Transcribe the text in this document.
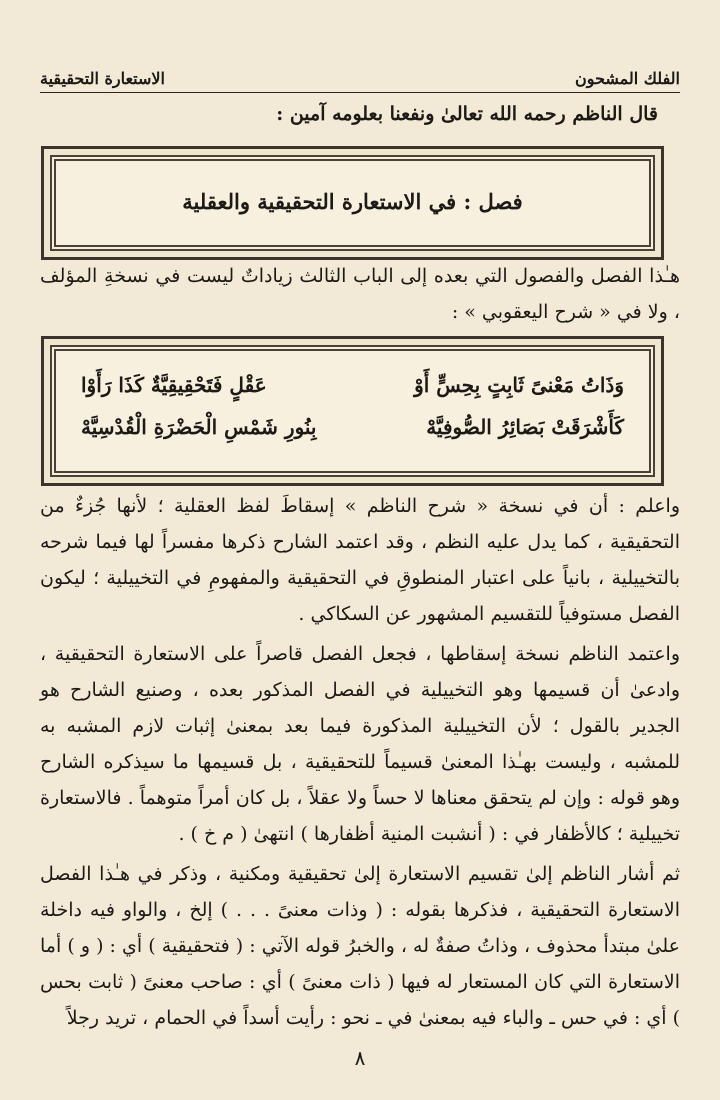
الفلك المشحون
الاستعارة التحقيقية
قال الناظم رحمه الله تعالىٰ ونفعنا بعلومه آمين :
فصل : في الاستعارة التحقيقية والعقلية
هـٰذا الفصل والفصول التي بعده إلى الباب الثالث زياداتٌ ليست في نسخةِ المؤلف ، ولا في « شرح اليعقوبي » :
وَذَاتُ مَعْنىً ثَابِتٍ بِحِسٍّ أَوْ
عَقْلٍ فَتَحْقِيقِيَّةٌ كَذَا رَأَوْا
كَأَشْرَقَتْ بَصَائِرُ الصُّوفِيَّهْ
بِنُورِ شَمْسِ الْحَضْرَةِ الْقُدْسِيَّهْ
واعلم : أن في نسخة « شرح الناظم » إسقاطَ لفظ العقلية ؛ لأنها جُزءٌ من التحقيقية ، كما يدل عليه النظم ، وقد اعتمد الشارح ذكرها مفسراً لها فيما شرحه بالتخييلية ، بانياً على اعتبار المنطوقِ في التحقيقية والمفهومِ في التخييلية ؛ ليكون الفصل مستوفياً للتقسيم المشهور عن السكاكي .
واعتمد الناظم نسخة إسقاطها ، فجعل الفصل قاصراً على الاستعارة التحقيقية ، وادعىٰ أن قسيمها وهو التخييلية في الفصل المذكور بعده ، وصنيع الشارح هو الجدير بالقول ؛ لأن التخييلية المذكورة فيما بعد بمعنىٰ إثبات لازم المشبه به للمشبه ، وليست بهـٰذا المعنىٰ قسيماً للتحقيقية ، بل قسيمها ما سيذكره الشارح وهو قوله : وإن لم يتحقق معناها لا حساً ولا عقلاً ، بل كان أمراً متوهماً . فالاستعارة تخييلية ؛ كالأظفار في : ( أنشبت المنية أظفارها ) انتهىٰ ( م خ ) .
ثم أشار الناظم إلىٰ تقسيم الاستعارة إلىٰ تحقيقية ومكنية ، وذكر في هـٰذا الفصل الاستعارة التحقيقية ، فذكرها بقوله : ( وذات معنىً . . . ) إلخ ، والواو فيه داخلة علىٰ مبتدأ محذوف ، وذاتُ صفةٌ له ، والخبرُ قوله الآتي : ( فتحقيقية ) أي : ( و ) أما الاستعارة التي كان المستعار له فيها ( ذات معنىً ) أي : صاحب معنىً ( ثابت بحس ) أي : في حس ـ والباء فيه بمعنىٰ في ـ نحو : رأيت أسداً في الحمام ، تريد رجلاً
٨
